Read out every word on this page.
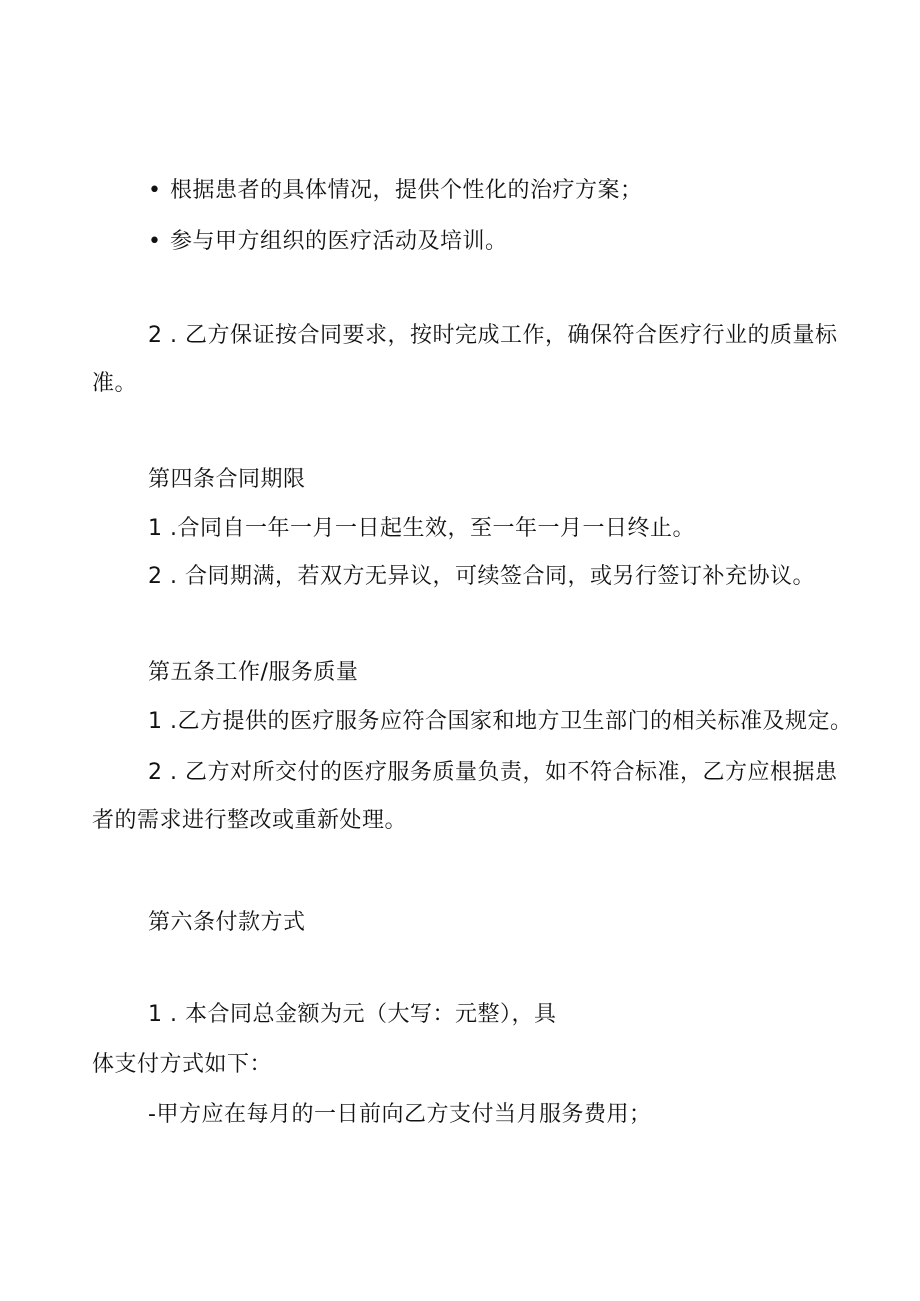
• 根据患者的具体情况，提供个性化的治疗方案；
• 参与甲方组织的医疗活动及培训。
2 . 乙方保证按合同要求，按时完成工作，确保符合医疗行业的质量标
准。
第四条合同期限
1 .合同自一年一月一日起生效，至一年一月一日终止。
2 . 合同期满，若双方无异议，可续签合同，或另行签订补充协议。
第五条工作/服务质量
1 .乙方提供的医疗服务应符合国家和地方卫生部门的相关标准及规定。
2 . 乙方对所交付的医疗服务质量负责，如不符合标准，乙方应根据患
者的需求进行整改或重新处理。
第六条付款方式
1 . 本合同总金额为元（大写：元整），具
体支付方式如下：
-甲方应在每月的一日前向乙方支付当月服务费用；
